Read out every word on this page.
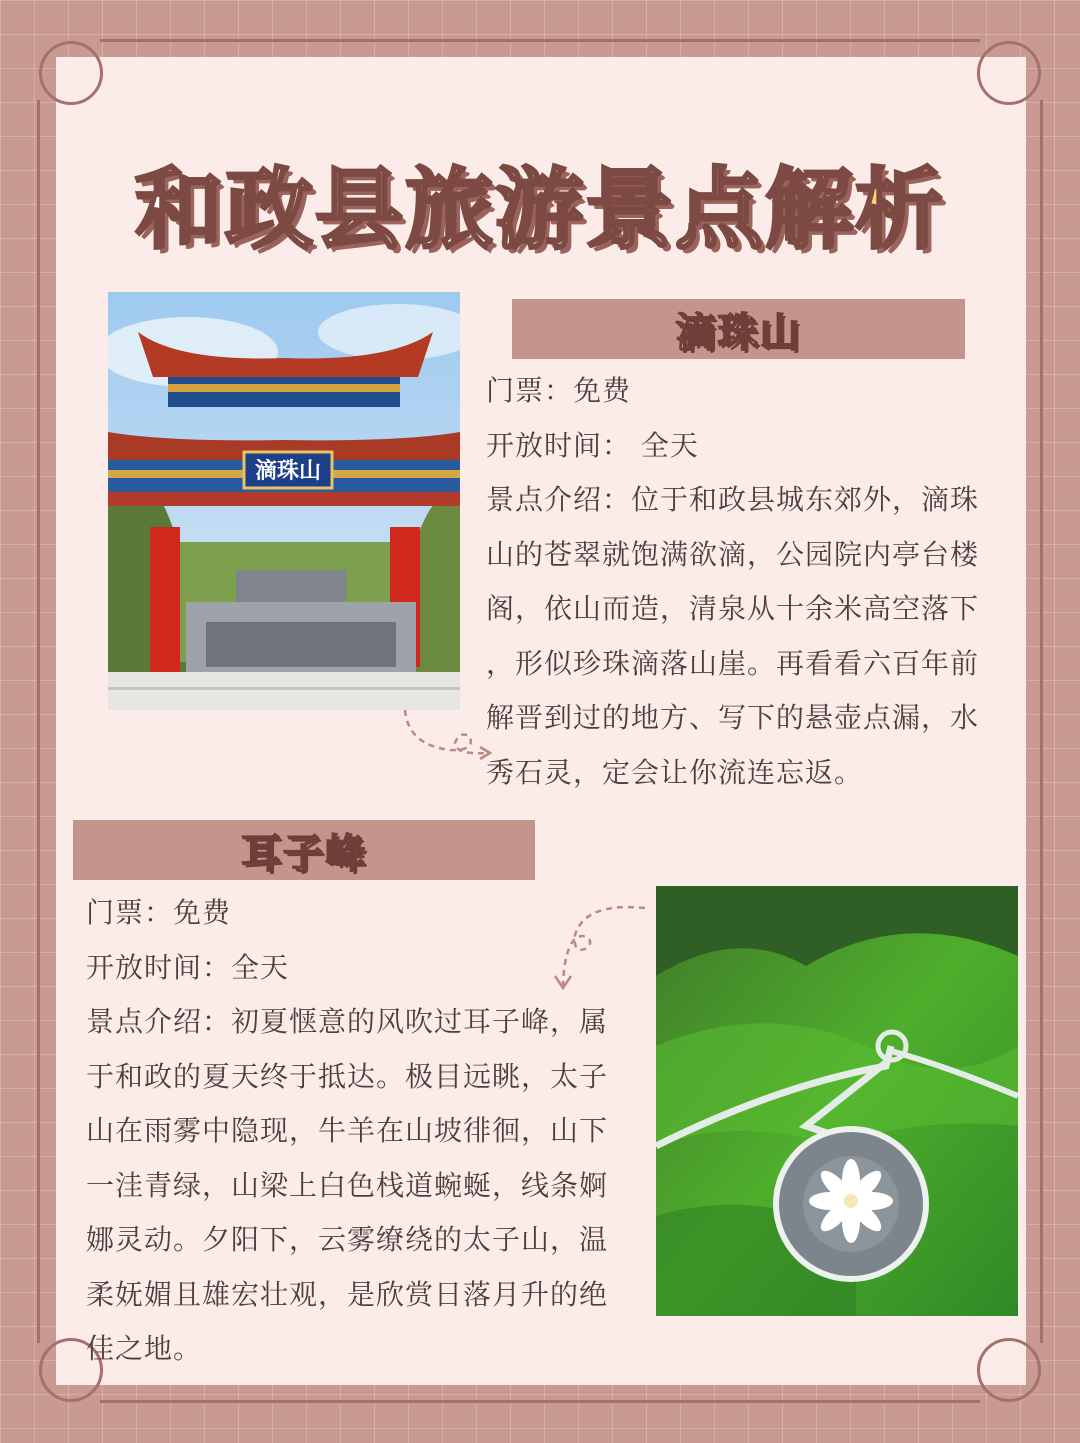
和政县旅游景点解析
滴珠山
滴珠山
门票：免费
开放时间： 全天
景点介绍：位于和政县城东郊外，滴珠
山的苍翠就饱满欲滴，公园院内亭台楼
阁，依山而造，清泉从十余米高空落下
，形似珍珠滴落山崖。再看看六百年前
解晋到过的地方、写下的悬壶点漏，水
秀石灵，定会让你流连忘返。
耳子𡶶
门票：免费
开放时间：全天
景点介绍：初夏惬意的风吹过耳子𡶶，属
于和政的夏天终于抵达。极目远眺，太子
山在雨雾中隐现，牛羊在山坡徘徊，山下
一洼青绿，山梁上白色栈道蜿蜒，线条婀
娜灵动。夕阳下，云雾缭绕的太子山，温
柔妩媚且雄宏壮观，是欣赏日落月升的绝
佳之地。
